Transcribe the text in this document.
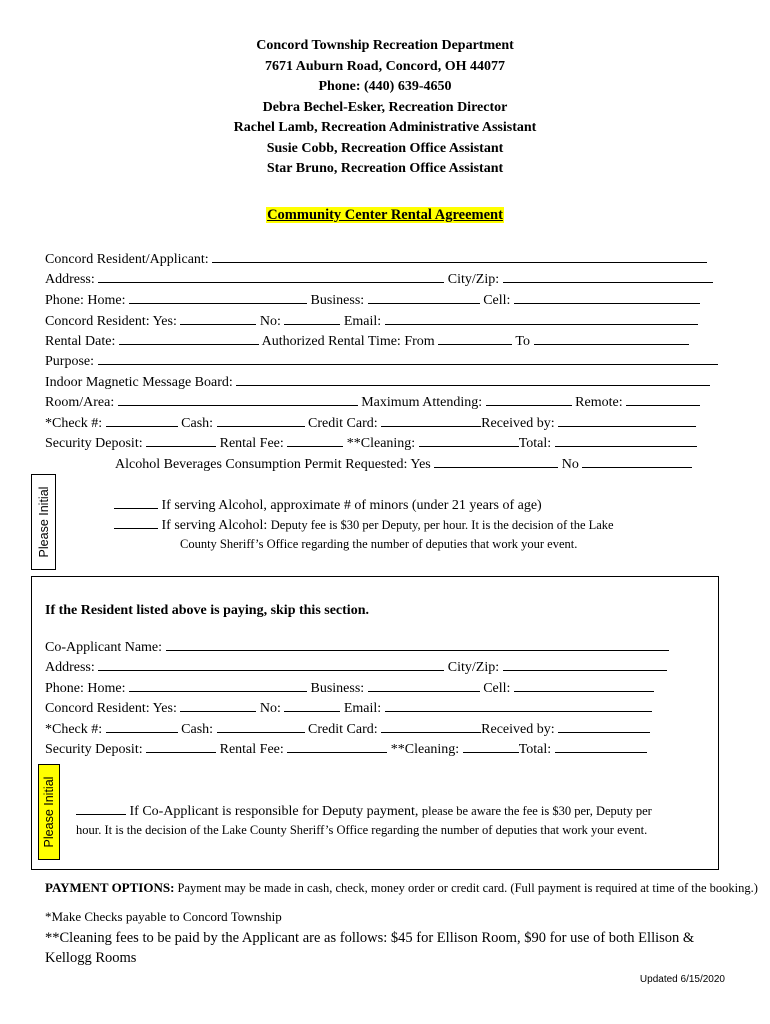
Concord Township Recreation Department
7671 Auburn Road, Concord, OH 44077
Phone: (440) 639-4650
Debra Bechel-Esker, Recreation Director
Rachel Lamb, Recreation Administrative Assistant
Susie Cobb, Recreation Office Assistant
Star Bruno, Recreation Office Assistant
Community Center Rental Agreement
Concord Resident/Applicant:
Address:	City/Zip:
Phone: Home:	Business:	Cell:
Concord Resident: Yes:	No:	Email:
Rental Date:	Authorized Rental Time: From	To
Purpose:
Indoor Magnetic Message Board:
Room/Area:	Maximum Attending:	Remote:
*Check #:	Cash:	Credit Card:	Received by:
Security Deposit:	Rental Fee:	**Cleaning:	Total:
Alcohol Beverages Consumption Permit Requested: Yes	No
Please Initial	If serving Alcohol, approximate # of minors (under 21 years of age)
If serving Alcohol: Deputy fee is $30 per Deputy, per hour. It is the decision of the Lake
County Sheriff’s Office regarding the number of deputies that work your event.
If the Resident listed above is paying, skip this section.
Co-Applicant Name:
Address:	City/Zip:
Phone: Home:	Business:	Cell:
Concord Resident: Yes:	No:	Email:
*Check #:	Cash:	Credit Card:	Received by:
Security Deposit:	Rental Fee:	**Cleaning:	Total:
Please Initial	If Co-Applicant is responsible for Deputy payment, please be aware the fee is $30 per, Deputy per
hour. It is the decision of the Lake County Sheriff’s Office regarding the number of deputies that work your event.
PAYMENT OPTIONS: Payment may be made in cash, check, money order or credit card. (Full payment is required at time of the booking.)
*Make Checks payable to Concord Township
**Cleaning fees to be paid by the Applicant are as follows: $45 for Ellison Room, $90 for use of both Ellison & Kellogg Rooms
Updated 6/15/2020
